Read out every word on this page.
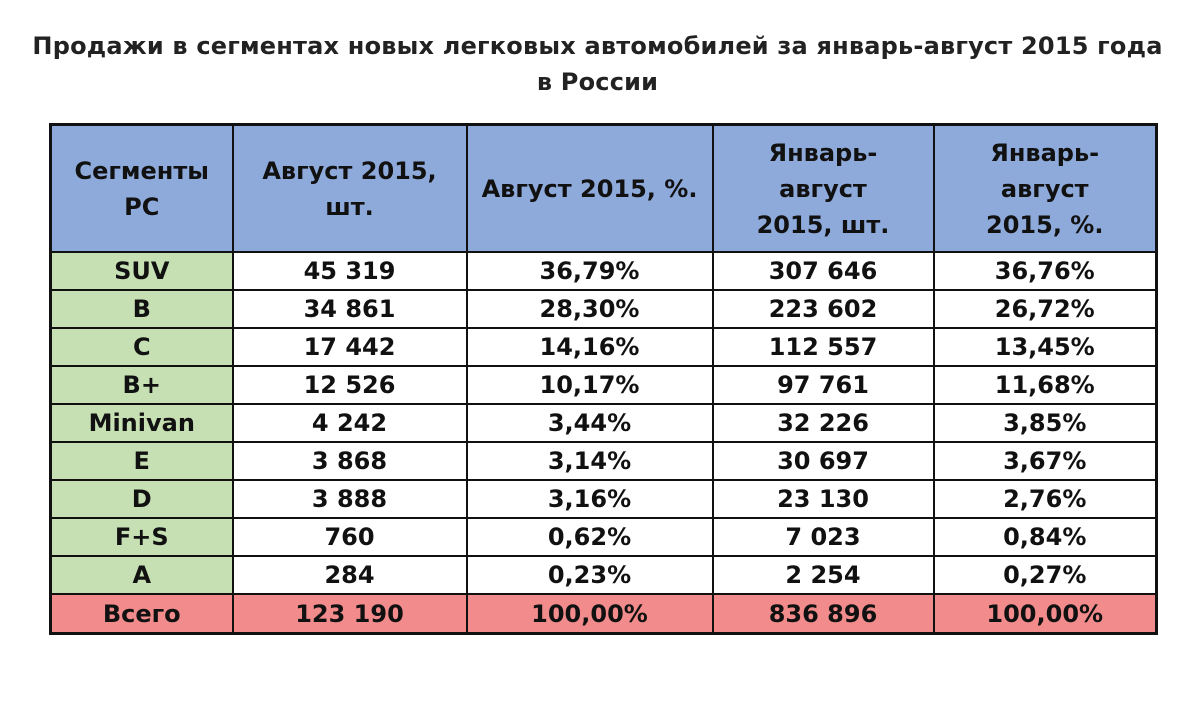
Продажи в сегментах новых легковых автомобилей за январь-август 2015 года
в России
Сегменты РС	Август 2015, шт.	Август 2015, %.	Январь-август 2015, шт.	Январь-август 2015, %.
SUV	45 319	36,79%	307 646	36,76%
B	34 861	28,30%	223 602	26,72%
C	17 442	14,16%	112 557	13,45%
B+	12 526	10,17%	97 761	11,68%
Minivan	4 242	3,44%	32 226	3,85%
E	3 868	3,14%	30 697	3,67%
D	3 888	3,16%	23 130	2,76%
F+S	760	0,62%	7 023	0,84%
A	284	0,23%	2 254	0,27%
Всего	123 190	100,00%	836 896	100,00%
